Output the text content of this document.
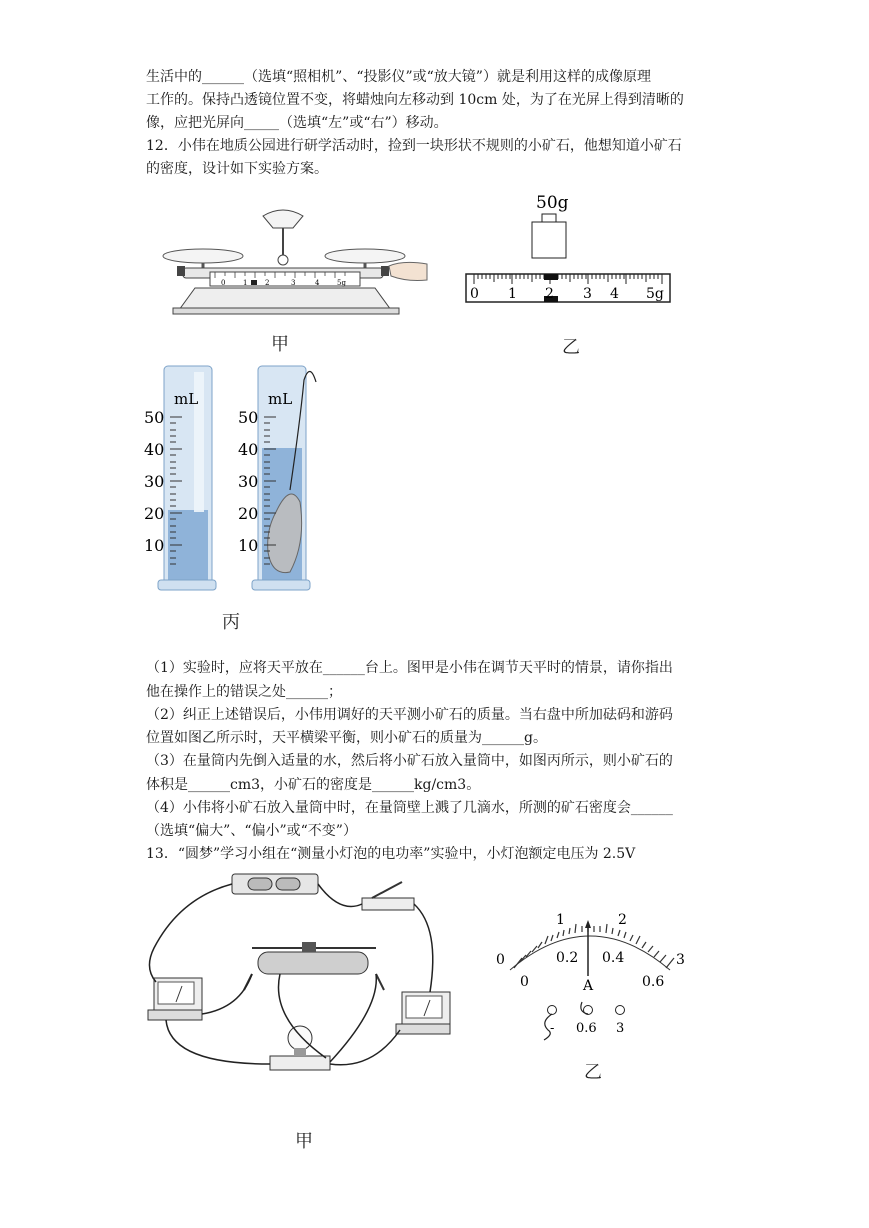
生活中的______（选填“照相机”、“投影仪”或“放大镜”）就是利用这样的成像原理
工作的。保持凸透镜位置不变，将蜡烛向左移动到 10cm 处，为了在光屏上得到清晰的
像，应把光屏向_____（选填“左”或“右”）移动。
12．小伟在地质公园进行研学活动时，捡到一块形状不规则的小矿石，他想知道小矿石
的密度，设计如下实验方案。
0	1	2	3	4	5g
甲
50g
0 1 2 3 4 5g
乙
mL
50
40
30
20
10
mL
50
40
30
20
10
丙
（1）实验时，应将天平放在______台上。图甲是小伟在调节天平时的情景，请你指出
他在操作上的错误之处______；
（2）纠正上述错误后，小伟用调好的天平测小矿石的质量。当右盘中所加砝码和游码
位置如图乙所示时，天平横梁平衡，则小矿石的质量为______g。
（3）在量筒内先倒入适量的水，然后将小矿石放入量筒中，如图丙所示，则小矿石的
体积是______cm3，小矿石的密度是______kg/cm3。
（4）小伟将小矿石放入量筒中时，在量筒壁上溅了几滴水，所测的矿石密度会______
（选填“偏大”、“偏小”或“不变”）
13．“圆梦”学习小组在“测量小灯泡的电功率”实验中，小灯泡额定电压为 2.5V
甲
0
1	2
3
0
0.2 0.4
0.6
A
- 0.6 3
乙
